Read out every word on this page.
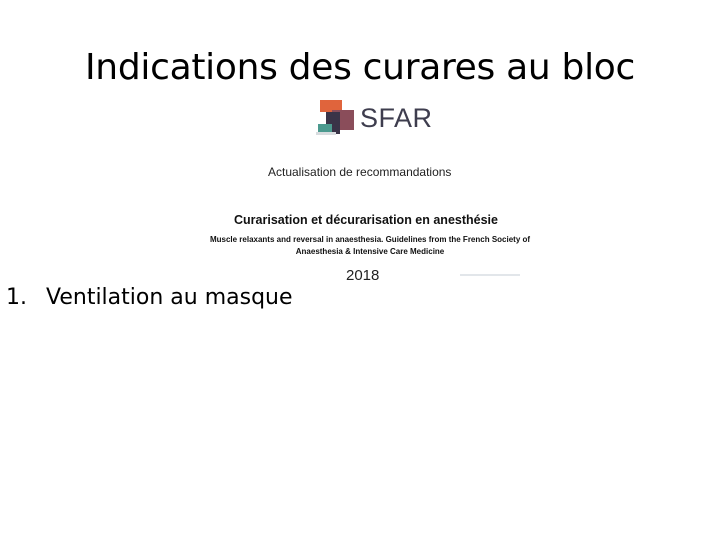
Indications des curares au bloc
SFAR
Actualisation de recommandations
Curarisation et décurarisation en anesthésie
Muscle relaxants and reversal in anaesthesia. Guidelines from the French Society of
Anaesthesia & Intensive Care Medicine
2018
1. Ventilation au masque
